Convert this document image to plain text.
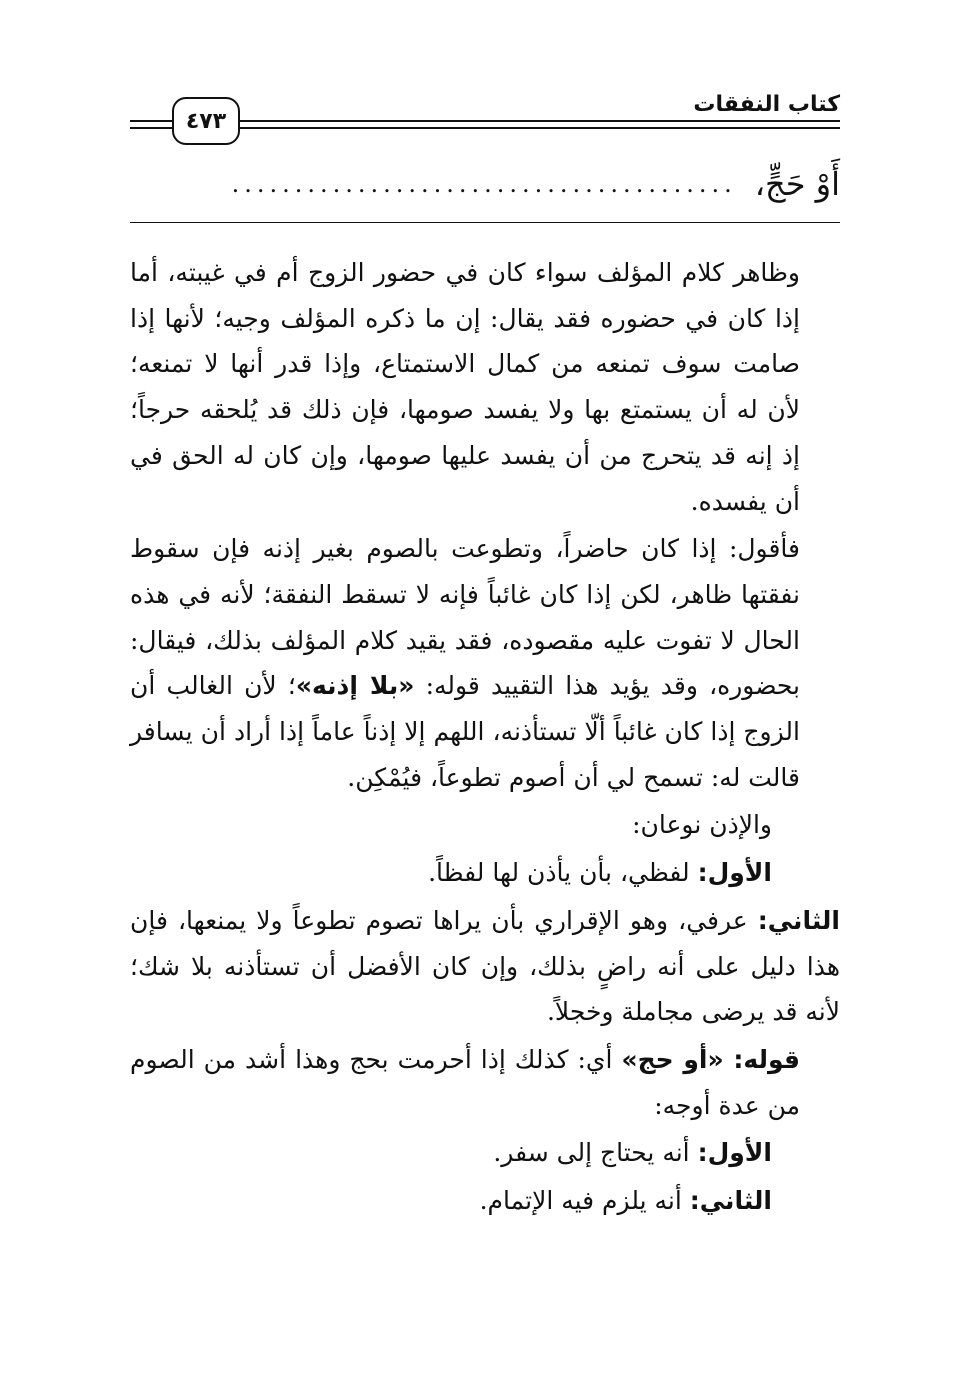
كتاب النفقات
٤٧٣
أَوْ حَجٍّ،
........................................

وظاهر كلام المؤلف سواء كان في حضور الزوج أم في غيبته، أما إذا كان في حضوره فقد يقال: إن ما ذكره المؤلف وجيه؛ لأنها إذا صامت سوف تمنعه من كمال الاستمتاع، وإذا قدر أنها لا تمنعه؛ لأن له أن يستمتع بها ولا يفسد صومها، فإن ذلك قد يُلحقه حرجاً؛ إذ إنه قد يتحرج من أن يفسد عليها صومها، وإن كان له الحق في أن يفسده.

فأقول: إذا كان حاضراً، وتطوعت بالصوم بغير إذنه فإن سقوط نفقتها ظاهر، لكن إذا كان غائباً فإنه لا تسقط النفقة؛ لأنه في هذه الحال لا تفوت عليه مقصوده، فقد يقيد كلام المؤلف بذلك، فيقال: بحضوره، وقد يؤيد هذا التقييد قوله: «بلا إذنه»؛ لأن الغالب أن الزوج إذا كان غائباً ألّا تستأذنه، اللهم إلا إذناً عاماً إذا أراد أن يسافر قالت له: تسمح لي أن أصوم تطوعاً، فيُمْكِن.

والإذن نوعان:

الأول: لفظي، بأن يأذن لها لفظاً.

الثاني: عرفي، وهو الإقراري بأن يراها تصوم تطوعاً ولا يمنعها، فإن هذا دليل على أنه راضٍ بذلك، وإن كان الأفضل أن تستأذنه بلا شك؛ لأنه قد يرضى مجاملة وخجلاً.

قوله: «أو حج» أي: كذلك إذا أحرمت بحج وهذا أشد من الصوم من عدة أوجه:

الأول: أنه يحتاج إلى سفر.

الثاني: أنه يلزم فيه الإتمام.
